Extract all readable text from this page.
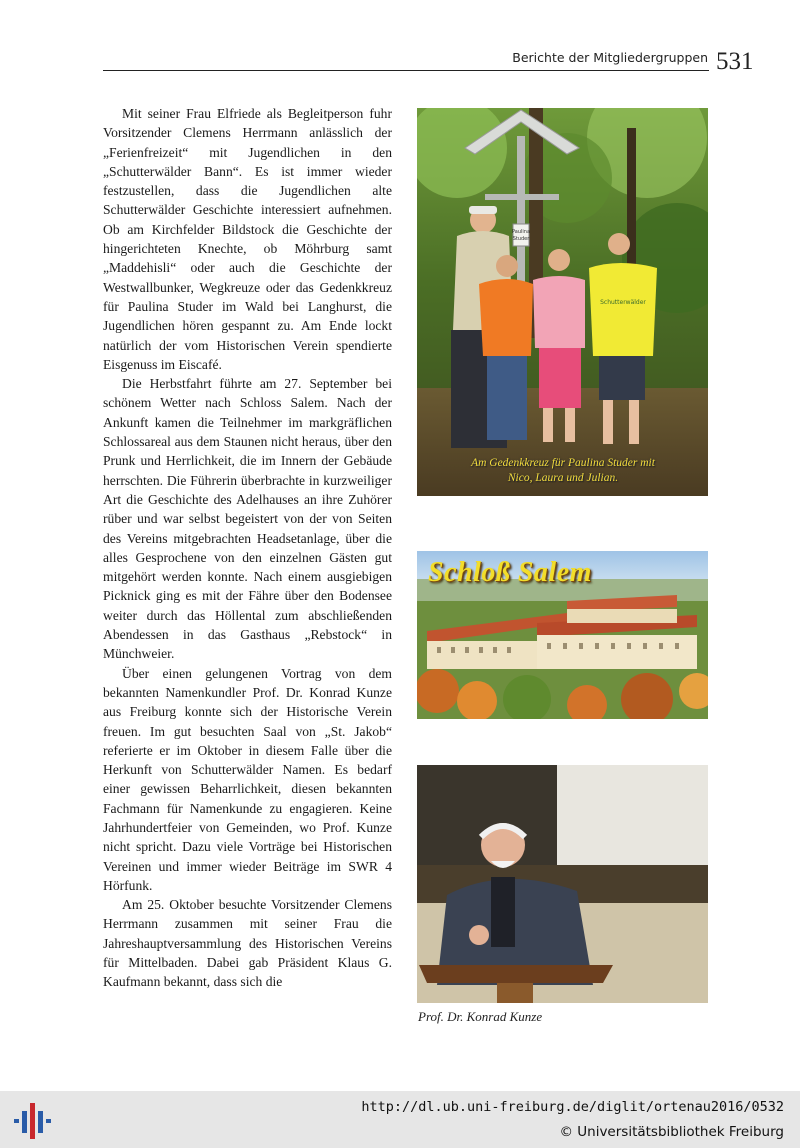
Berichte der Mitgliedergruppen 531

Mit seiner Frau Elfriede als Begleitperson fuhr Vorsitzender Clemens Herrmann anlässlich der „Ferienfreizeit“ mit Jugendlichen in den „Schutterwälder Bann“. Es ist immer wieder festzustellen, dass die Jugendlichen alte Schutterwälder Geschichte interessiert aufnehmen. Ob am Kirchfelder Bildstock die Geschichte der hingerichteten Knechte, ob Möhrburg samt „Maddehisli“ oder auch die Geschichte der Westwallbunker, Wegkreuze oder das Gedenkkreuz für Paulina Studer im Wald bei Langhurst, die Jugendlichen hören gespannt zu. Am Ende lockt natürlich der vom Historischen Verein spendierte Eisgenuss im Eiscafé.

Die Herbstfahrt führte am 27. September bei schönem Wetter nach Schloss Salem. Nach der Ankunft kamen die Teilnehmer im markgräflichen Schlossareal aus dem Staunen nicht heraus, über den Prunk und Herrlichkeit, die im Innern der Gebäude herrschten. Die Führerin überbrachte in kurzweiliger Art die Geschichte des Adelhauses an ihre Zuhörer rüber und war selbst begeistert von der von Seiten des Vereins mitgebrachten Headsetanlage, über die alles Gesprochene von den einzelnen Gästen gut mitgehört werden konnte. Nach einem ausgiebigen Picknick ging es mit der Fähre über den Bodensee weiter durch das Höllental zum abschließenden Abendessen in das Gasthaus „Rebstock“ in Münchweier.

Über einen gelungenen Vortrag von dem bekannten Namenkundler Prof. Dr. Konrad Kunze aus Freiburg konnte sich der Historische Verein freuen. Im gut besuchten Saal von „St. Jakob“ referierte er im Oktober in diesem Falle über die Herkunft von Schutterwälder Namen. Es bedarf einer gewissen Beharrlichkeit, diesen bekannten Fachmann für Namenkunde zu engagieren. Keine Jahrhundertfeier von Gemeinden, wo Prof. Kunze nicht spricht. Dazu viele Vorträge bei Historischen Vereinen und immer wieder Beiträge im SWR 4 Hörfunk.

Am 25. Oktober besuchte Vorsitzender Clemens Herrmann zusammen mit seiner Frau die Jahreshauptversammlung des Historischen Vereins für Mittelbaden. Dabei gab Präsident Klaus G. Kaufmann bekannt, dass sich die

Paulina
Studer
Schutterwälder
Am Gedenkkreuz für Paulina Studer mit
Nico, Laura und Julian.
Schloß Salem
Prof. Dr. Konrad Kunze
http://dl.ub.uni-freiburg.de/diglit/ortenau2016/0532
© Universitätsbibliothek Freiburg
